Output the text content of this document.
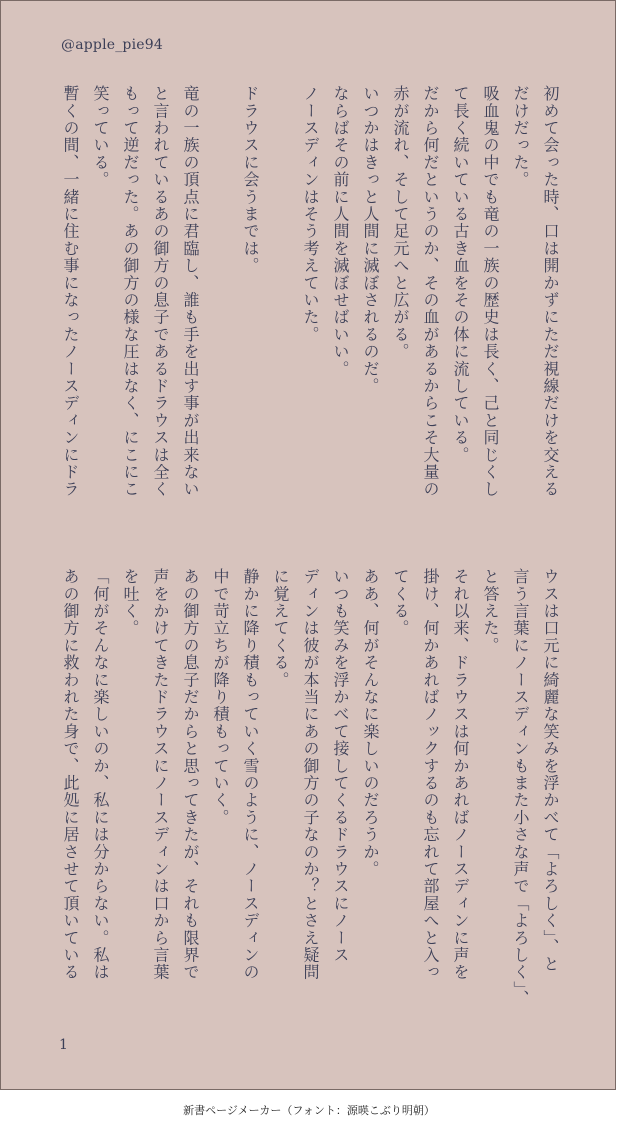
@apple_pie94

初めて会った時、口は開かずにただ視線だけを交える
だけだった。
吸血鬼の中でも竜の一族の歴史は長く、己と同じくし
て長く続いている古き血をその体に流している。
だから何だというのか、その血があるからこそ大量の
赤が流れ、そして足元へと広がる。
いつかはきっと人間に滅ぼされるのだ。
ならばその前に人間を滅ぼせばいい。
ノースディンはそう考えていた。

ドラウスに会うまでは。

竜の一族の頂点に君臨し、誰も手を出す事が出来ない
と言われているあの御方の息子であるドラウスは全く
もって逆だった。あの御方の様な圧はなく、にこにこ
笑っている。
暫くの間、一緒に住む事になったノースディンにドラ

ウスは口元に綺麗な笑みを浮かべて「よろしく」、と
言う言葉にノースディンもまた小さな声で「よろしく」、
と答えた。
それ以来、ドラウスは何かあればノースディンに声を
掛け、何かあればノックするのも忘れて部屋へと入っ
てくる。
ああ、何がそんなに楽しいのだろうか。
いつも笑みを浮かべて接してくるドラウスにノース
ディンは彼が本当にあの御方の子なのか？とさえ疑問
に覚えてくる。
静かに降り積もっていく雪のように、ノースディンの
中で苛立ちが降り積もっていく。
あの御方の息子だからと思ってきたが、それも限界で
声をかけてきたドラウスにノースディンは口から言葉
を吐く。
「何がそんなに楽しいのか、私には分からない。私は
あの御方に救われた身で、此処に居させて頂いている

1
新書ページメーカー（フォント：源暎こぶり明朝）
